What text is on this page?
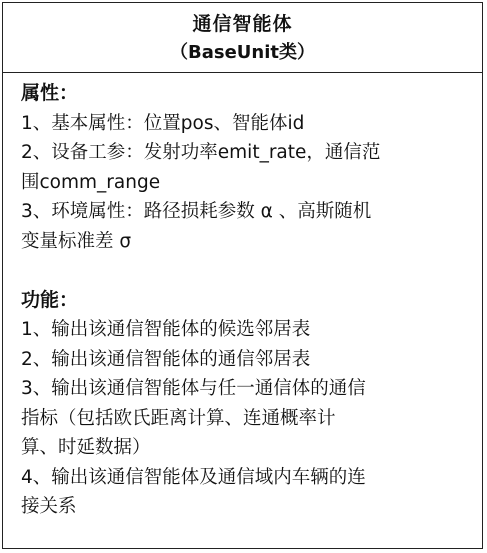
通信智能体
（BaseUnit类）
属性：
1、基本属性：位置pos、智能体id
2、设备工参：发射功率emit_rate，通信范
围comm_range
3、环境属性：路径损耗参数 α 、高斯随机
变量标准差 σ
功能：
1、输出该通信智能体的候选邻居表
2、输出该通信智能体的通信邻居表
3、输出该通信智能体与任一通信体的通信
指标（包括欧氏距离计算、连通概率计
算、时延数据）
4、输出该通信智能体及通信域内车辆的连
接关系
